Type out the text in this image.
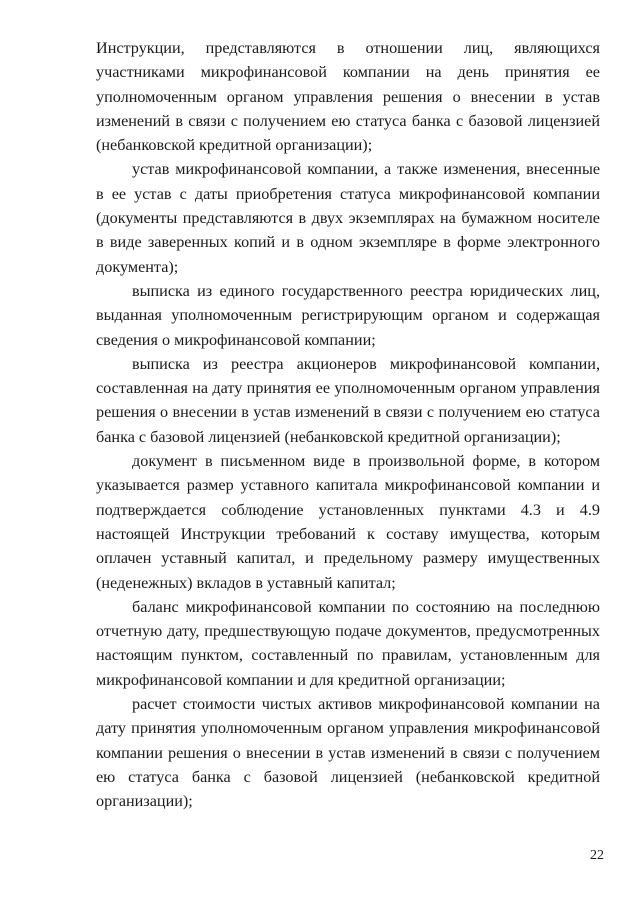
Инструкции, представляются в отношении лиц, являющихся участниками микрофинансовой компании на день принятия ее уполномоченным органом управления решения о внесении в устав изменений в связи с получением ею статуса банка с базовой лицензией (небанковской кредитной организации);

устав микрофинансовой компании, а также изменения, внесенные в ее устав с даты приобретения статуса микрофинансовой компании (документы представляются в двух экземплярах на бумажном носителе в виде заверенных копий и в одном экземпляре в форме электронного документа);

выписка из единого государственного реестра юридических лиц, выданная уполномоченным регистрирующим органом и содержащая сведения о микрофинансовой компании;

выписка из реестра акционеров микрофинансовой компании, составленная на дату принятия ее уполномоченным органом управления решения о внесении в устав изменений в связи с получением ею статуса банка с базовой лицензией (небанковской кредитной организации);

документ в письменном виде в произвольной форме, в котором указывается размер уставного капитала микрофинансовой компании и подтверждается соблюдение установленных пунктами 4.3 и 4.9 настоящей Инструкции требований к составу имущества, которым оплачен уставный капитал, и предельному размеру имущественных (неденежных) вкладов в уставный капитал;

баланс микрофинансовой компании по состоянию на последнюю отчетную дату, предшествующую подаче документов, предусмотренных настоящим пунктом, составленный по правилам, установленным для микрофинансовой компании и для кредитной организации;

расчет стоимости чистых активов микрофинансовой компании на дату принятия уполномоченным органом управления микрофинансовой компании решения о внесении в устав изменений в связи с получением ею статуса банка с базовой лицензией (небанковской кредитной организации);

22
